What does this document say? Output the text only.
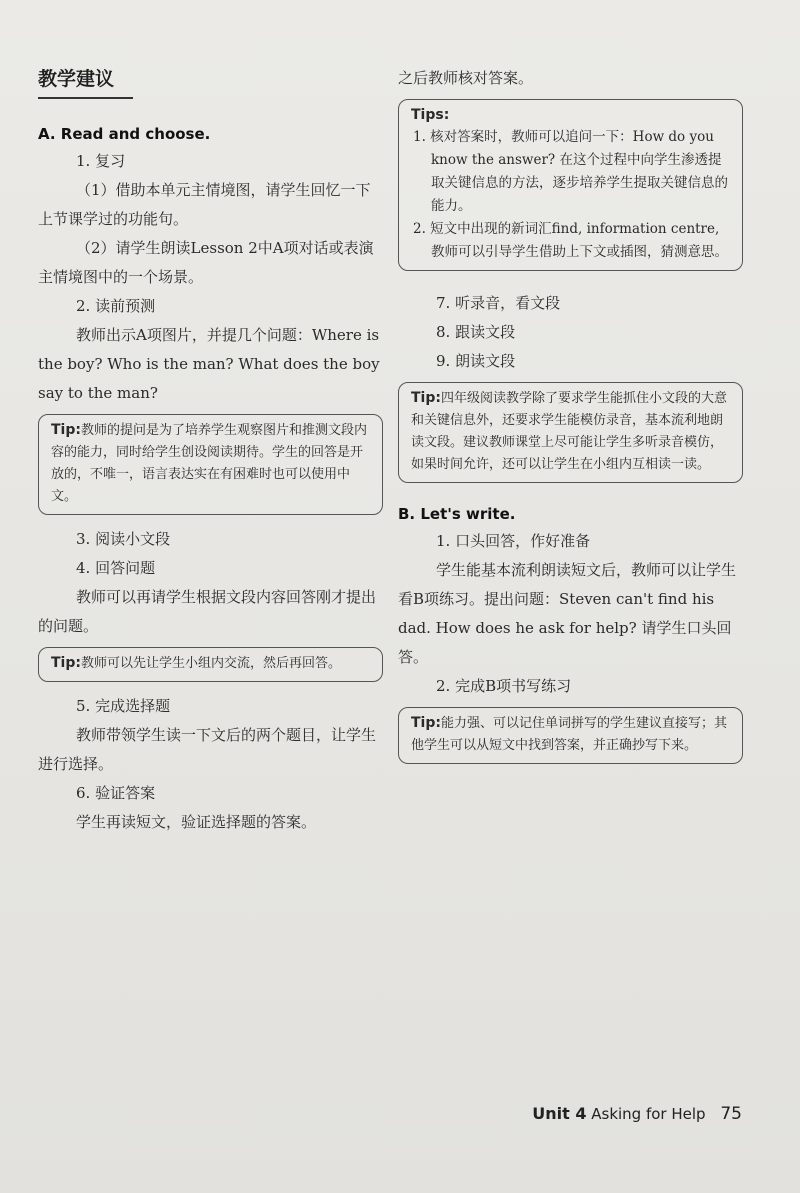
教学建议
A. Read and choose.

1. 复习

（1）借助本单元主情境图，请学生回忆一下上节课学过的功能句。

（2）请学生朗读Lesson 2中A项对话或表演主情境图中的一个场景。

2. 读前预测

教师出示A项图片，并提几个问题：Where is the boy? Who is the man? What does the boy say to the man?

Tip:教师的提问是为了培养学生观察图片和推测文段内容的能力，同时给学生创设阅读期待。学生的回答是开放的，不唯一，语言表达实在有困难时也可以使用中文。

3. 阅读小文段

4. 回答问题

教师可以再请学生根据文段内容回答刚才提出的问题。

Tip:教师可以先让学生小组内交流，然后再回答。

5. 完成选择题

教师带领学生读一下文后的两个题目，让学生进行选择。

6. 验证答案

学生再读短文，验证选择题的答案。

之后教师核对答案。

Tips:

1. 核对答案时，教师可以追问一下：How do you know the answer? 在这个过程中向学生渗透提取关键信息的方法，逐步培养学生提取关键信息的能力。

2. 短文中出现的新词汇find, information centre, 教师可以引导学生借助上下文或插图，猜测意思。

7. 听录音，看文段

8. 跟读文段

9. 朗读文段

Tip:四年级阅读教学除了要求学生能抓住小文段的大意和关键信息外，还要求学生能模仿录音，基本流利地朗读文段。建议教师课堂上尽可能让学生多听录音模仿，如果时间允许，还可以让学生在小组内互相读一读。
B. Let's write.

1. 口头回答，作好准备

学生能基本流利朗读短文后，教师可以让学生看B项练习。提出问题：Steven can't find his dad. How does he ask for help? 请学生口头回答。

2. 完成B项书写练习

Tip:能力强、可以记住单词拼写的学生建议直接写；其他学生可以从短文中找到答案，并正确抄写下来。
Unit 4 Asking for Help 75
